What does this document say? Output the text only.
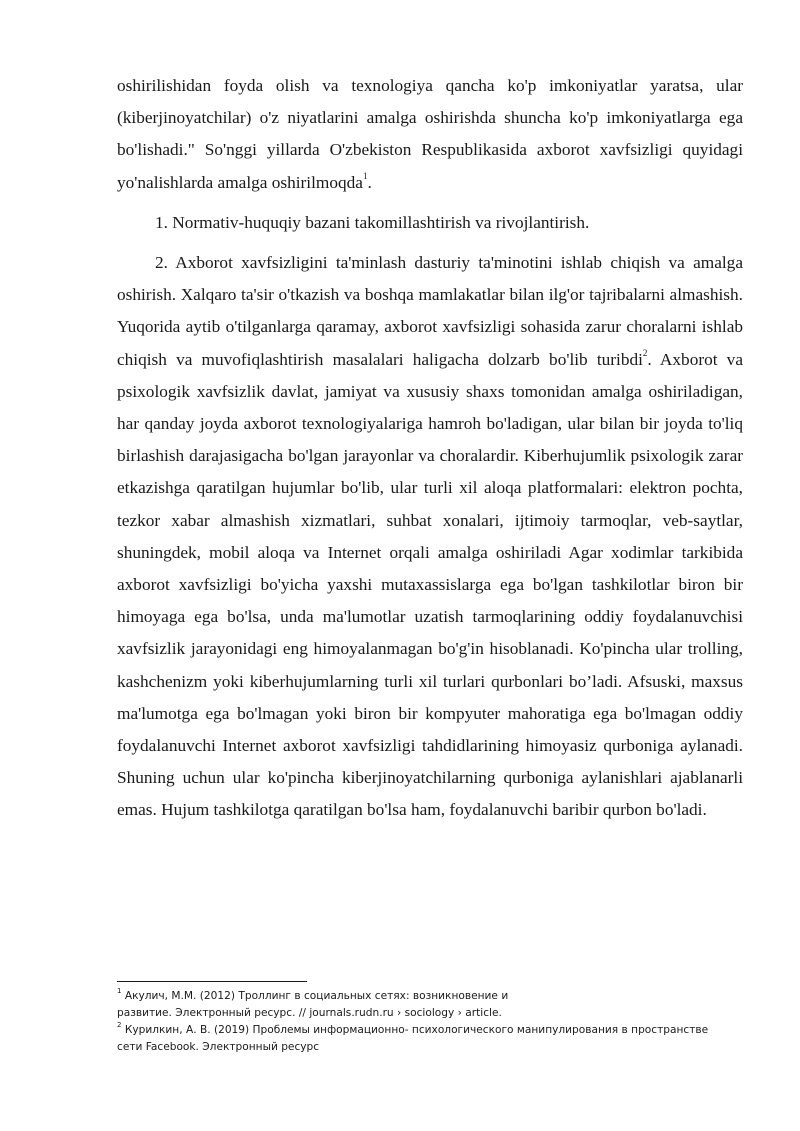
oshirilishidan foyda olish va texnologiya qancha ko'p imkoniyatlar yaratsa, ular (kiberjinoyatchilar) o'z niyatlarini amalga oshirishda shuncha ko'p imkoniyatlarga ega bo'lishadi." So'nggi yillarda O'zbekiston Respublikasida axborot xavfsizligi quyidagi yo'nalishlarda amalga oshirilmoqda$^1$.

1. Normativ-huquqiy bazani takomillashtirish va rivojlantirish.

2. Axborot xavfsizligini ta'minlash dasturiy ta'minotini ishlab chiqish va amalga oshirish. Xalqaro ta'sir o'tkazish va boshqa mamlakatlar bilan ilg'or tajribalarni almashish. Yuqorida aytib o'tilganlarga qaramay, axborot xavfsizligi sohasida zarur choralarni ishlab chiqish va muvofiqlashtirish masalalari haligacha dolzarb bo'lib turibdi$^2$. Axborot va psixologik xavfsizlik davlat, jamiyat va xususiy shaxs tomonidan amalga oshiriladigan, har qanday joyda axborot texnologiyalariga hamroh bo'ladigan, ular bilan bir joyda to'liq birlashish darajasigacha bo'lgan jarayonlar va choralardir. Kiberhujumlik psixologik zarar etkazishga qaratilgan hujumlar bo'lib, ular turli xil aloqa platformalari: elektron pochta, tezkor xabar almashish xizmatlari, suhbat xonalari, ijtimoiy tarmoqlar, veb-saytlar, shuningdek, mobil aloqa va Internet orqali amalga oshiriladi Agar xodimlar tarkibida axborot xavfsizligi bo'yicha yaxshi mutaxassislarga ega bo'lgan tashkilotlar biron bir himoyaga ega bo'lsa, unda ma'lumotlar uzatish tarmoqlarining oddiy foydalanuvchisi xavfsizlik jarayonidagi eng himoyalanmagan bo'g'in hisoblanadi. Ko'pincha ular trolling, kashchenizm yoki kiberhujumlarning turli xil turlari qurbonlari bo’ladi. Afsuski, maxsus ma'lumotga ega bo'lmagan yoki biron bir kompyuter mahoratiga ega bo'lmagan oddiy foydalanuvchi Internet axborot xavfsizligi tahdidlarining himoyasiz qurboniga aylanadi. Shuning uchun ular ko'pincha kiberjinoyatchilarning qurboniga aylanishlari ajablanarli emas. Hujum tashkilotga qaratilgan bo'lsa ham, foydalanuvchi baribir qurbon bo'ladi.

$^1$ Акулич, М.М. (2012) Троллинг в социальных сетях: возникновение и
развитие. Электронный ресурс. // journals.rudn.ru › sociology › article.

$^2$ Курилкин, А. В. (2019) Проблемы информационно- психологического манипулирования в пространстве
сети Facebook. Электронный ресурс
